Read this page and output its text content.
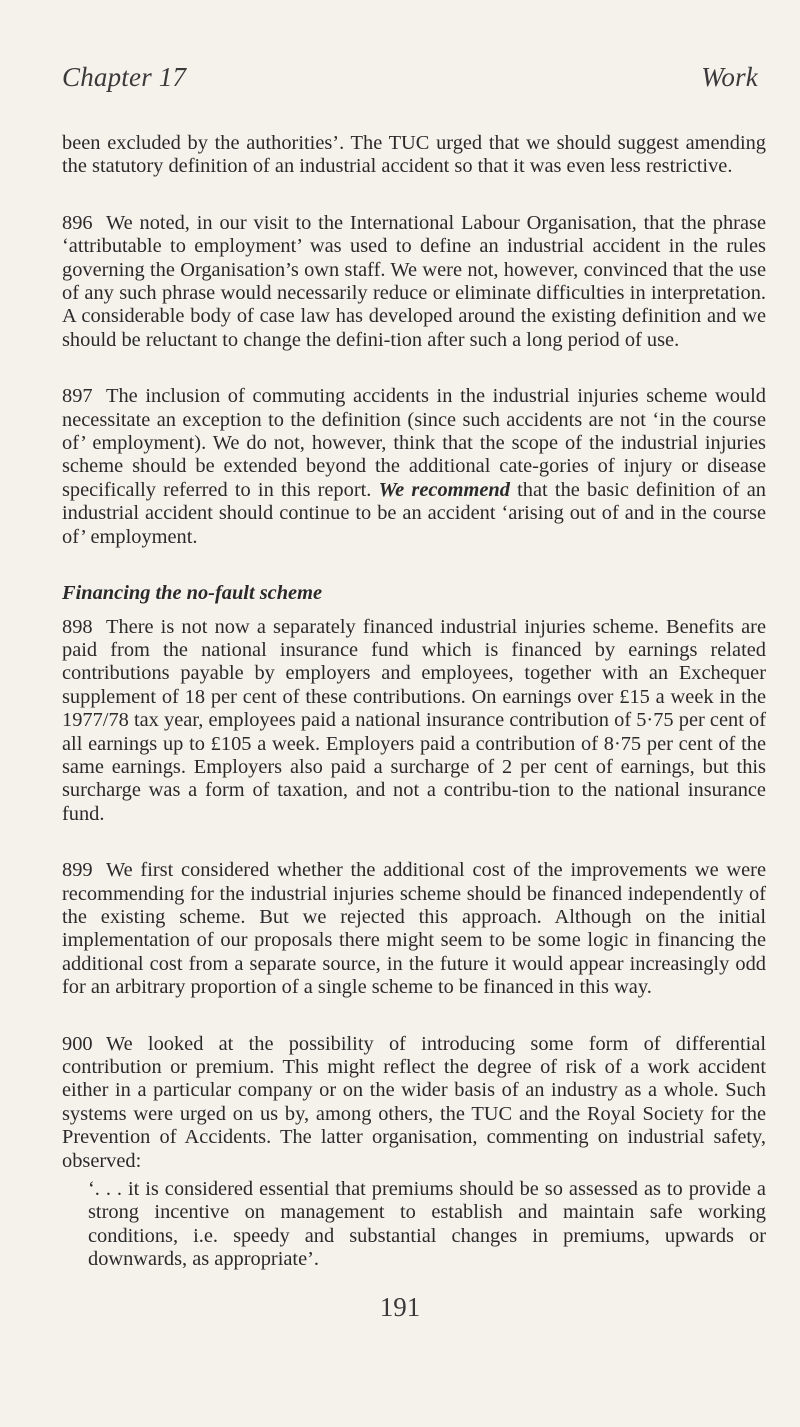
Chapter 17	Work

been excluded by the authorities’. The TUC urged that we should suggest amending the statutory definition of an industrial accident so that it was even less restrictive.

896 We noted, in our visit to the International Labour Organisation, that the phrase ‘attributable to employment’ was used to define an industrial accident in the rules governing the Organisation’s own staff. We were not, however, convinced that the use of any such phrase would necessarily reduce or eliminate difficulties in interpretation. A considerable body of case law has developed around the existing definition and we should be reluctant to change the defini-tion after such a long period of use.

897 The inclusion of commuting accidents in the industrial injuries scheme would necessitate an exception to the definition (since such accidents are not ‘in the course of’ employment). We do not, however, think that the scope of the industrial injuries scheme should be extended beyond the additional cate-gories of injury or disease specifically referred to in this report. We recommend that the basic definition of an industrial accident should continue to be an accident ‘arising out of and in the course of’ employment.

Financing the no-fault scheme

898 There is not now a separately financed industrial injuries scheme. Benefits are paid from the national insurance fund which is financed by earnings related contributions payable by employers and employees, together with an Exchequer supplement of 18 per cent of these contributions. On earnings over £15 a week in the 1977/78 tax year, employees paid a national insurance contribution of 5·75 per cent of all earnings up to £105 a week. Employers paid a contribution of 8·75 per cent of the same earnings. Employers also paid a surcharge of 2 per cent of earnings, but this surcharge was a form of taxation, and not a contribu-tion to the national insurance fund.

899 We first considered whether the additional cost of the improvements we were recommending for the industrial injuries scheme should be financed independently of the existing scheme. But we rejected this approach. Although on the initial implementation of our proposals there might seem to be some logic in financing the additional cost from a separate source, in the future it would appear increasingly odd for an arbitrary proportion of a single scheme to be financed in this way.

900 We looked at the possibility of introducing some form of differential contribution or premium. This might reflect the degree of risk of a work accident either in a particular company or on the wider basis of an industry as a whole. Such systems were urged on us by, among others, the TUC and the Royal Society for the Prevention of Accidents. The latter organisation, commenting on industrial safety, observed:

‘. . . it is considered essential that premiums should be so assessed as to provide a strong incentive on management to establish and maintain safe working conditions, i.e. speedy and substantial changes in premiums, upwards or downwards, as appropriate’.

191
